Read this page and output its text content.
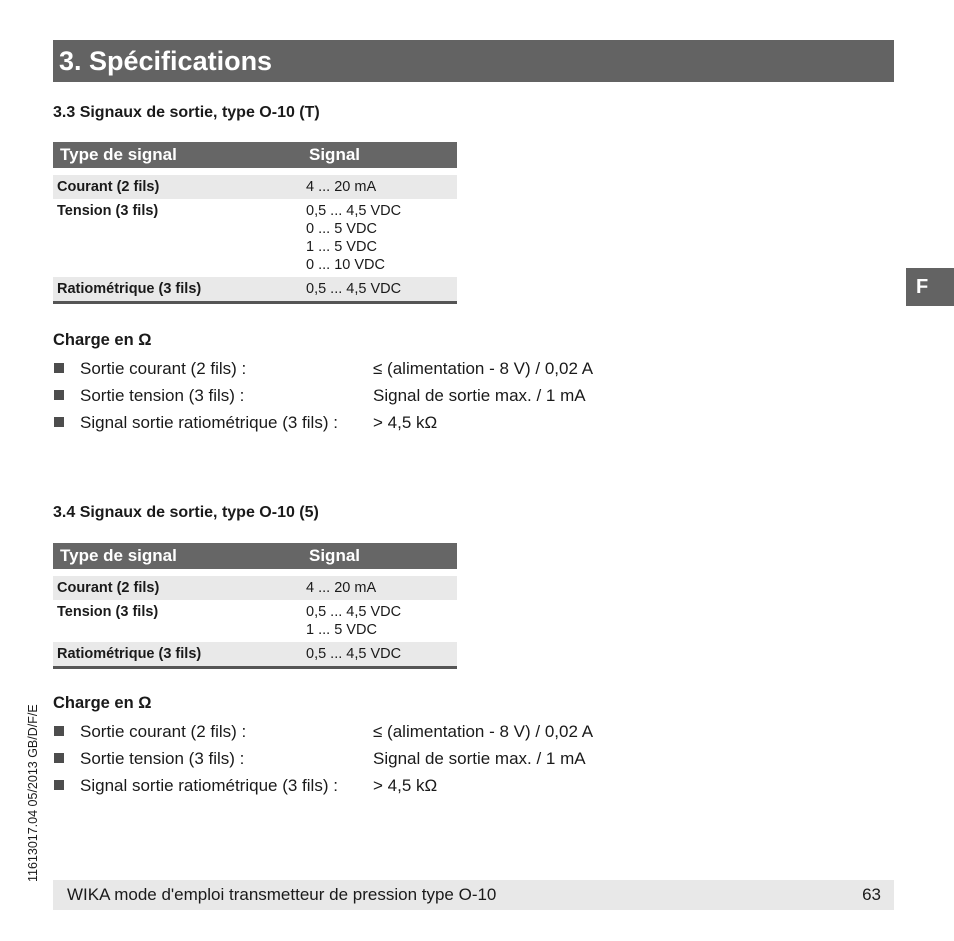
3. Spécifications
F
3.3 Signaux de sortie, type O-10 (T)
Type de signal	Signal

Courant (2 fils)	4 ... 20 mA

Tension (3 fils)	0,5 ... 4,5 VDC
0 ... 5 VDC
1 ... 5 VDC
0 ... 10 VDC

Ratiométrique (3 fils)	0,5 ... 4,5 VDC
Charge en Ω
Sortie courant (2 fils) :	≤ (alimentation - 8 V) / 0,02 A
Sortie tension (3 fils) :	Signal de sortie max. / 1 mA
Signal sortie ratiométrique (3 fils) : > 4,5 kΩ
3.4 Signaux de sortie, type O-10 (5)
Type de signal	Signal

Courant (2 fils)	4 ... 20 mA

Tension (3 fils)	0,5 ... 4,5 VDC
1 ... 5 VDC

Ratiométrique (3 fils)	0,5 ... 4,5 VDC
Charge en Ω
Sortie courant (2 fils) :	≤ (alimentation - 8 V) / 0,02 A
Sortie tension (3 fils) :	Signal de sortie max. / 1 mA
Signal sortie ratiométrique (3 fils) : > 4,5 kΩ
11613017.04 05/2013 GB/D/F/E
WIKA mode d'emploi transmetteur de pression type O-10	63
